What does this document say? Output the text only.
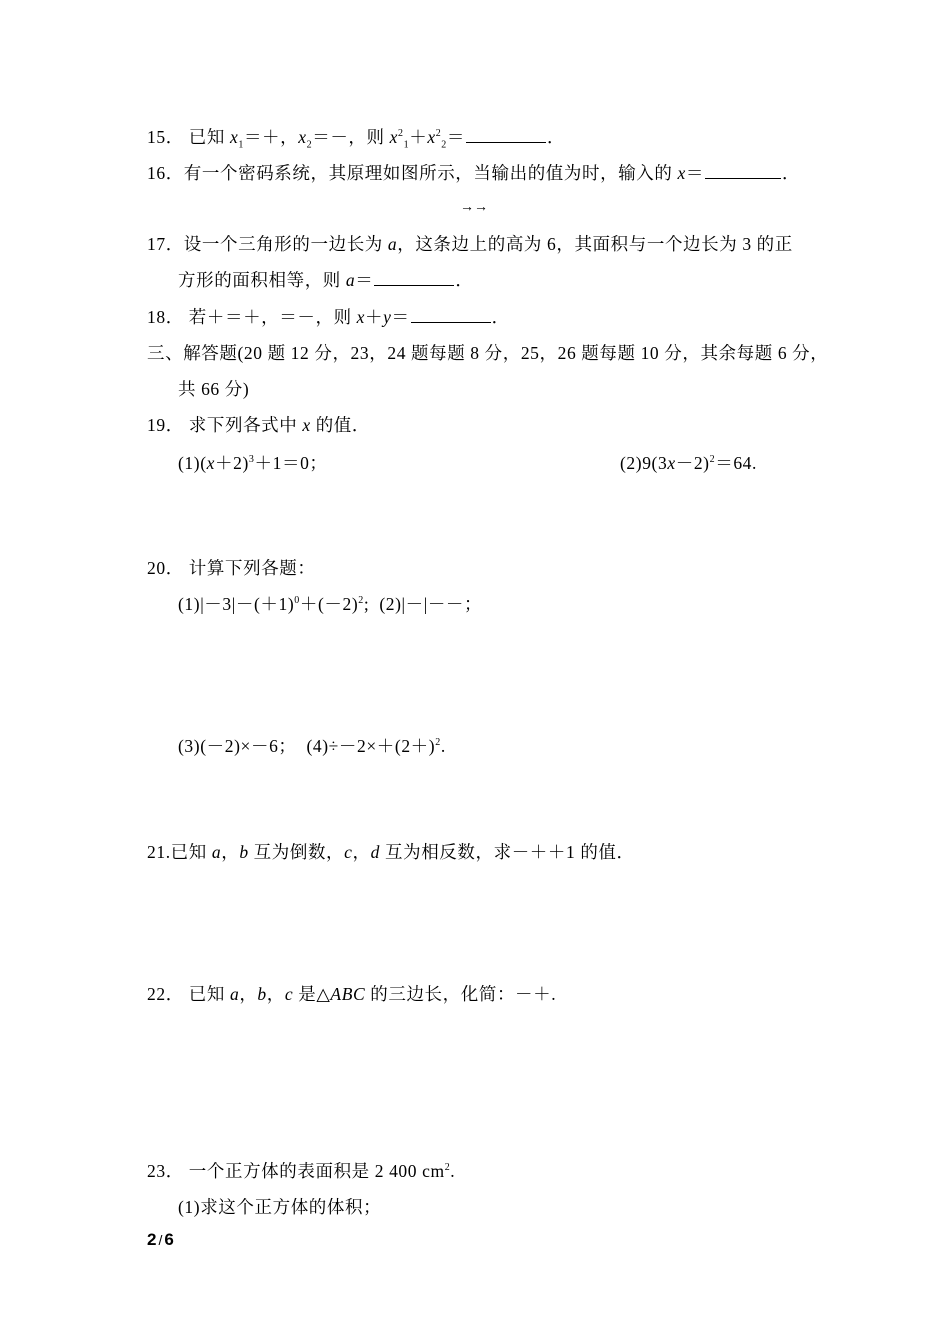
15． 已知 $x_1=+$，$x_2=-$，则 $x^2_1+x^2_2=$	．
16．有一个密码系统，其原理如图所示，当输出的值为时，输入的 x＝	．
→→
17．设一个三角形的一边长为 a，这条边上的高为 6，其面积与一个边长为 3 的正
方形的面积相等，则 a＝	．
18． 若＋＝＋，＝－，则 x＋y＝	．
三、解答题(20 题 12 分，23，24 题每题 8 分，25，26 题每题 10 分，其余每题 6 分，
共 66 分)
19． 求下列各式中 x 的值．
$(1)(x+2)^3+1=0$；	$(2)9(3x-2)^2=64$.
20． 计算下列各题：
$(1)|-3|-(+1)^0+(-2)^2$;  (2)|－|－－；
(3)(－2)×－6；  $(4)\div-2\times+(2+)^2$.
21.已知 a，b 互为倒数，c，d 互为相反数，求－＋＋1 的值．
22． 已知 a，b，c 是△ABC 的三边长，化简：－＋.
23． 一个正方体的表面积是 2 400 $cm^2$.
(1)求这个正方体的体积；
2 / 6
